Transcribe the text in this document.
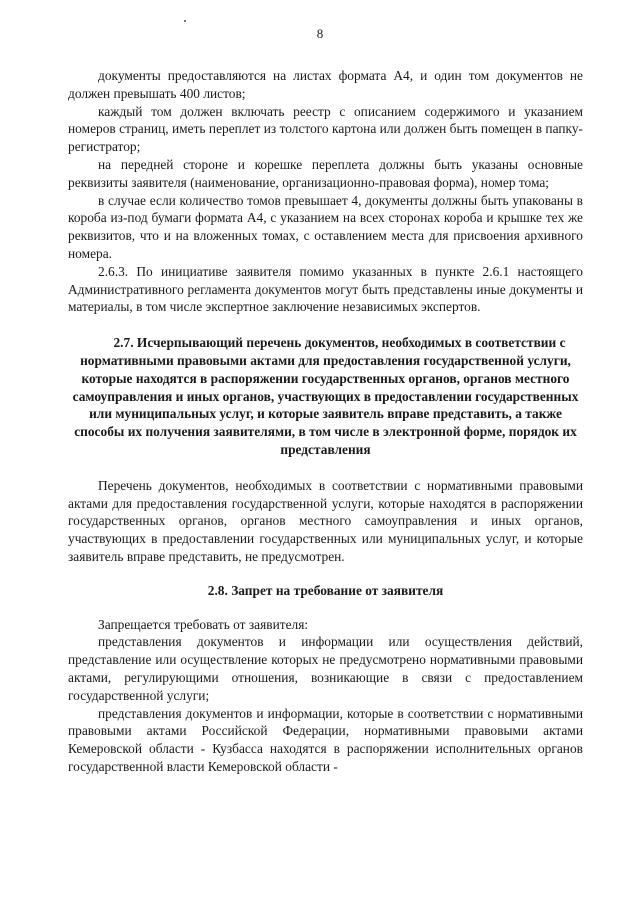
8

документы предоставляются на листах формата А4, и один том документов не должен превышать 400 листов;

каждый том должен включать реестр с описанием содержимого и указанием номеров страниц, иметь переплет из толстого картона или должен быть помещен в папку-регистратор;

на передней стороне и корешке переплета должны быть указаны основные реквизиты заявителя (наименование, организационно-правовая форма), номер тома;

в случае если количество томов превышает 4, документы должны быть упакованы в короба из-под бумаги формата А4, с указанием на всех сторонах короба и крышке тех же реквизитов, что и на вложенных томах, с оставлением места для присвоения архивного номера.

2.6.3. По инициативе заявителя помимо указанных в пункте 2.6.1 настоящего Административного регламента документов могут быть представлены иные документы и материалы, в том числе экспертное заключение независимых экспертов.

2.7. Исчерпывающий перечень документов, необходимых в соответствии с нормативными правовыми актами для предоставления государственной услуги, которые находятся в распоряжении государственных органов, органов местного самоуправления и иных органов, участвующих в предоставлении государственных или муниципальных услуг, и которые заявитель вправе представить, а также способы их получения заявителями, в том числе в электронной форме, порядок их представления

Перечень документов, необходимых в соответствии с нормативными правовыми актами для предоставления государственной услуги, которые находятся в распоряжении государственных органов, органов местного самоуправления и иных органов, участвующих в предоставлении государственных или муниципальных услуг, и которые заявитель вправе представить, не предусмотрен.

2.8. Запрет на требование от заявителя

Запрещается требовать от заявителя:

представления документов и информации или осуществления действий, представление или осуществление которых не предусмотрено нормативными правовыми актами, регулирующими отношения, возникающие в связи с предоставлением государственной услуги;

представления документов и информации, которые в соответствии с нормативными правовыми актами Российской Федерации, нормативными правовыми актами Кемеровской области - Кузбасса находятся в распоряжении исполнительных органов государственной власти Кемеровской области -
